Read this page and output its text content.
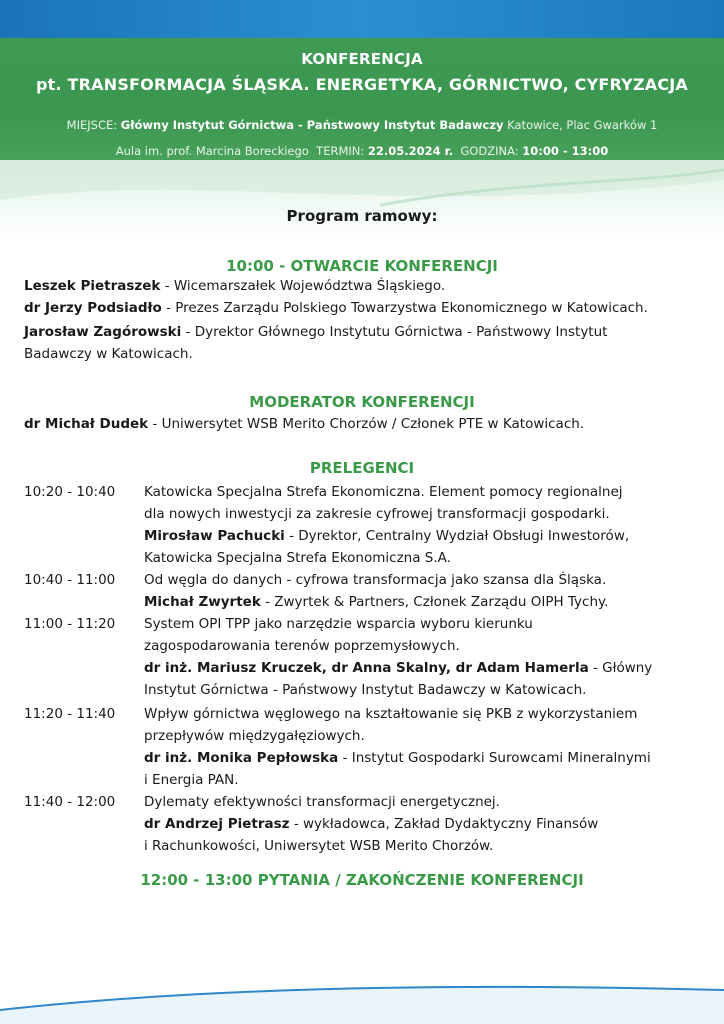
KONFERENCJA
pt. TRANSFORMACJA ŚLĄSKA. ENERGETYKA, GÓRNICTWO, CYFRYZACJA
MIEJSCE: Główny Instytut Górnictwa - Państwowy Instytut Badawczy Katowice, Plac Gwarków 1
Aula im. prof. Marcina Boreckiego TERMIN: 22.05.2024 r. GODZINA: 10:00 - 13:00
Program ramowy:
10:00 - OTWARCIE KONFERENCJI
Leszek Pietraszek - Wicemarszałek Województwa Śląskiego.
dr Jerzy Podsiadło - Prezes Zarządu Polskiego Towarzystwa Ekonomicznego w Katowicach.
Jarosław Zagórowski - Dyrektor Głównego Instytutu Górnictwa - Państwowy Instytut
Badawczy w Katowicach.
MODERATOR KONFERENCJI
dr Michał Dudek - Uniwersytet WSB Merito Chorzów / Członek PTE w Katowicach.
PRELEGENCI
10:20 - 10:40 Katowicka Specjalna Strefa Ekonomiczna. Element pomocy regionalnej
dla nowych inwestycji za zakresie cyfrowej transformacji gospodarki.
Mirosław Pachucki - Dyrektor, Centralny Wydział Obsługi Inwestorów,
Katowicka Specjalna Strefa Ekonomiczna S.A.
10:40 - 11:00 Od węgla do danych - cyfrowa transformacja jako szansa dla Śląska.
Michał Zwyrtek - Zwyrtek & Partners, Członek Zarządu OIPH Tychy.
11:00 - 11:20 System OPI TPP jako narzędzie wsparcia wyboru kierunku
zagospodarowania terenów poprzemysłowych.
dr inż. Mariusz Kruczek, dr Anna Skalny, dr Adam Hamerla - Główny
Instytut Górnictwa - Państwowy Instytut Badawczy w Katowicach.
11:20 - 11:40 Wpływ górnictwa węglowego na kształtowanie się PKB z wykorzystaniem
przepływów międzygałęziowych.
dr inż. Monika Pepłowska - Instytut Gospodarki Surowcami Mineralnymi
i Energia PAN.
11:40 - 12:00 Dylematy efektywności transformacji energetycznej.
dr Andrzej Pietrasz - wykładowca, Zakład Dydaktyczny Finansów
i Rachunkowości, Uniwersytet WSB Merito Chorzów.
12:00 - 13:00 PYTANIA / ZAKOŃCZENIE KONFERENCJI
